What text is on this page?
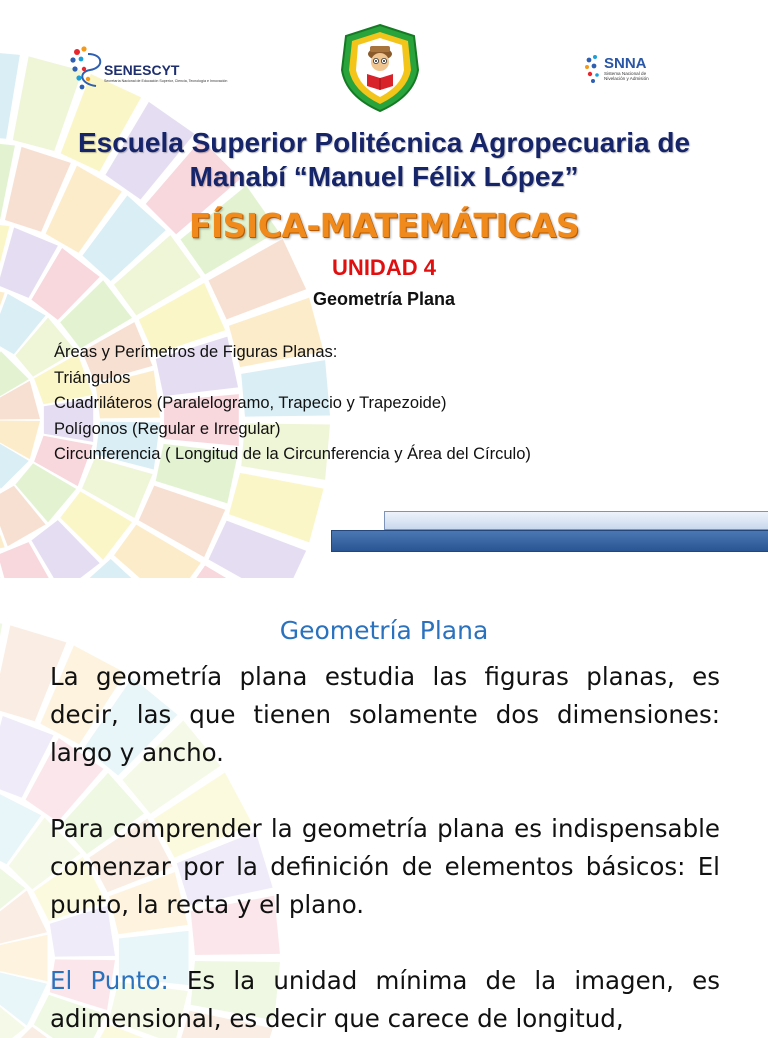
SENESCYT
Secretaría Nacional de Educación Superior, Ciencia, Tecnología e Innovación
SNNA
Sistema Nacional de
Nivelación y Admisión
Escuela Superior Politécnica Agropecuaria de Manabí “Manuel Félix López”
FÍSICA-MATEMÁTICAS
UNIDAD 4
Geometría Plana
Áreas y Perímetros de Figuras Planas:
Triángulos
Cuadriláteros (Paralelogramo, Trapecio y Trapezoide)
Polígonos (Regular e Irregular)
Circunferencia ( Longitud de la Circunferencia y Área del Círculo)
Geometría Plana

La geometría plana estudia las figuras planas, es decir, las que tienen solamente dos dimensiones: largo y ancho.

Para comprender la geometría plana es indispensable comenzar por la definición de elementos básicos: El punto, la recta y el plano.

El Punto: Es la unidad mínima de la imagen, es adimensional, es decir que carece de longitud,
